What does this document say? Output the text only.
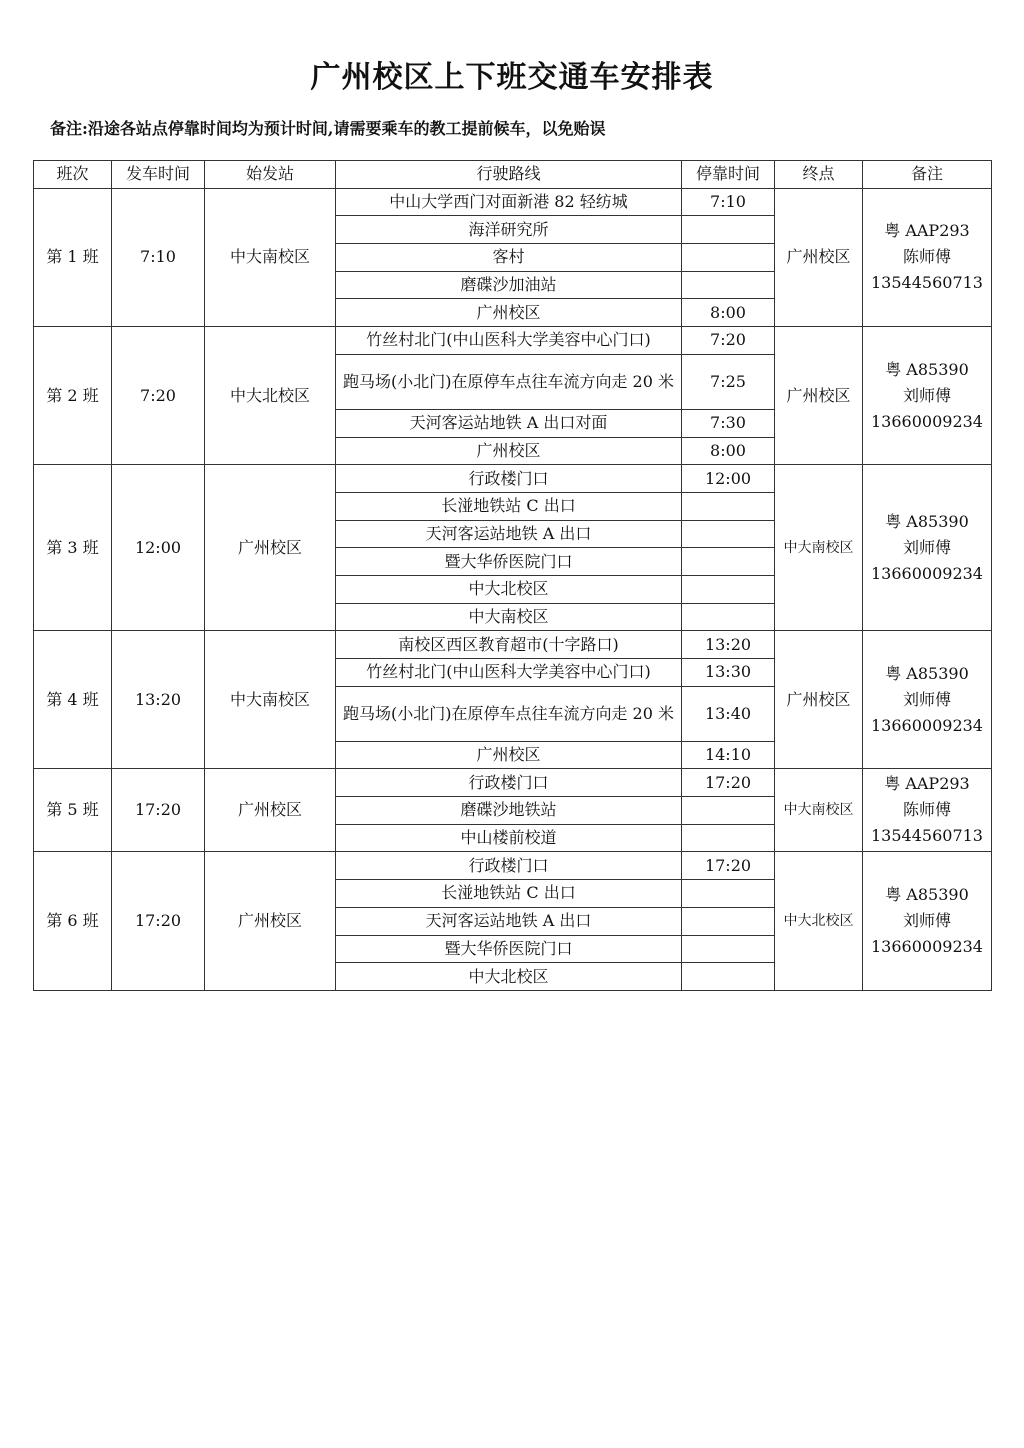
广州校区上下班交通车安排表
备注:沿途各站点停靠时间均为预计时间,请需要乘车的教工提前候车，以免贻误
班次	发车时间	始发站	行驶路线	停靠时间	终点	备注
第 1 班	7:10	中大南校区	中山大学西门对面新港 82 轻纺城	7:10	广州校区	粤 AAP293
陈师傅
13544560713

			海洋研究所			
			客村			
			磨碟沙加油站			
			广州校区	8:00		
第 2 班	7:20	中大北校区	竹丝村北门(中山医科大学美容中心门口)	7:20	广州校区	粤 A85390
刘师傅
13660009234

			跑马场(小北门)在原停车点往车流方向走 20 米	7:25		
			天河客运站地铁 A 出口对面	7:30		
			广州校区	8:00		
第 3 班	12:00	广州校区	行政楼门口	12:00	中大南校区	粤 A85390
刘师傅
13660009234

			长湴地铁站 C 出口			
			天河客运站地铁 A 出口			
			暨大华侨医院门口			
			中大北校区			
			中大南校区			
第 4 班	13:20	中大南校区	南校区西区教育超市(十字路口)	13:20	广州校区	粤 A85390
刘师傅
13660009234

			竹丝村北门(中山医科大学美容中心门口)	13:30		
			跑马场(小北门)在原停车点往车流方向走 20 米	13:40		
			广州校区	14:10		
第 5 班	17:20	广州校区	行政楼门口	17:20	中大南校区	粤 AAP293
陈师傅
13544560713

			磨碟沙地铁站			
			中山楼前校道			
第 6 班	17:20	广州校区	行政楼门口	17:20	中大北校区	粤 A85390
刘师傅
13660009234

			长湴地铁站 C 出口			
			天河客运站地铁 A 出口			
			暨大华侨医院门口			
			中大北校区			
